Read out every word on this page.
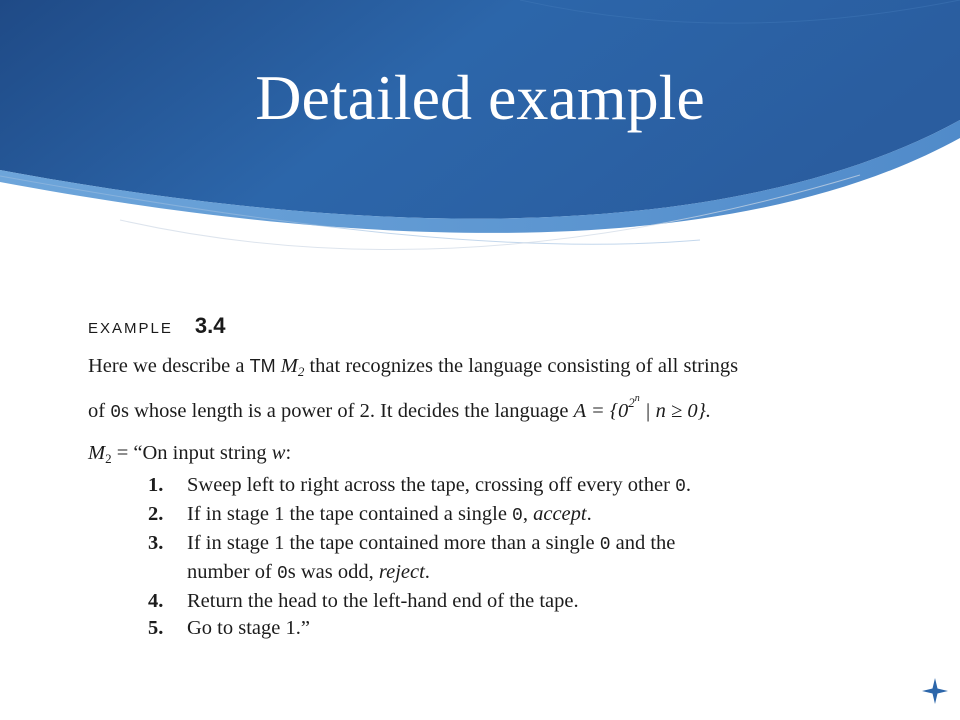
Detailed example
example 3.4
Here we describe a TM $M_2$ that recognizes the language consisting of all strings
of 0s whose length is a power of 2. It decides the language $A = \{0^{2^n}$ | n ≥ 0}.
$M_2$ = “On input string w:
1. Sweep left to right across the tape, crossing off every other 0.
2. If in stage 1 the tape contained a single 0, accept.
3. If in stage 1 the tape contained more than a single 0 and the
number of 0s was odd, reject.
4. Return the head to the left-hand end of the tape.
5. Go to stage 1.”
